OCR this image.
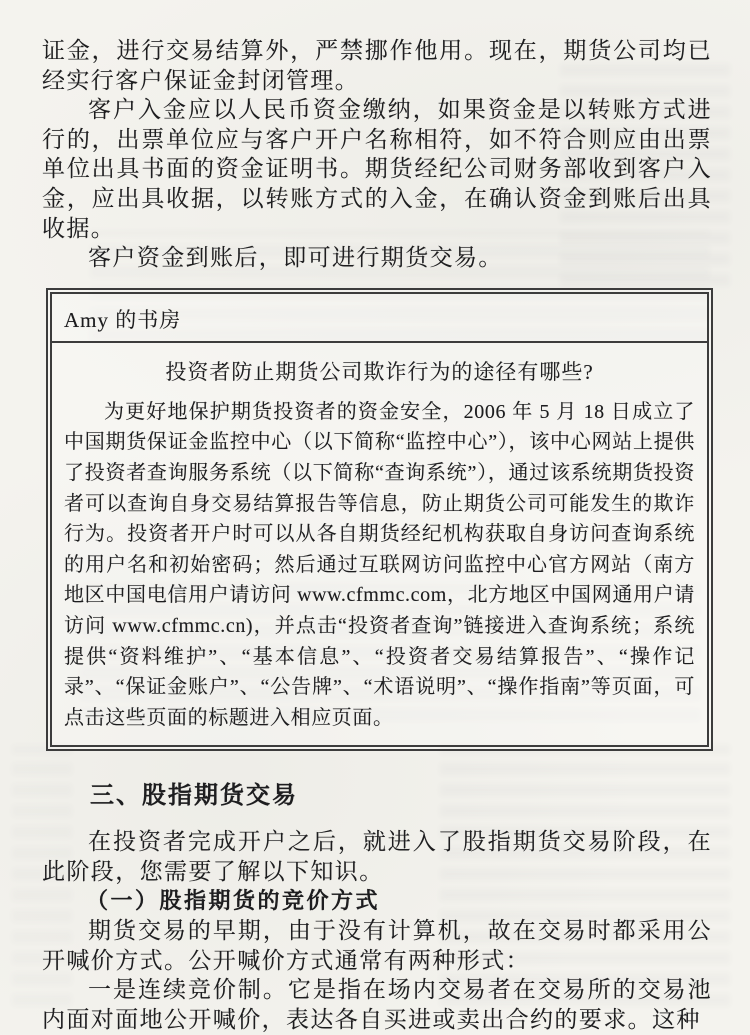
证金，进行交易结算外，严禁挪作他用。现在，期货公司均已经实行客户保证金封闭管理。

客户入金应以人民币资金缴纳，如果资金是以转账方式进行的，出票单位应与客户开户名称相符，如不符合则应由出票单位出具书面的资金证明书。期货经纪公司财务部收到客户入金，应出具收据，以转账方式的入金，在确认资金到账后出具收据。

客户资金到账后，即可进行期货交易。

Amy 的书房
投资者防止期货公司欺诈行为的途径有哪些?

为更好地保护期货投资者的资金安全，2006 年 5 月 18 日成立了中国期货保证金监控中心（以下简称“监控中心”），该中心网站上提供了投资者查询服务系统（以下简称“查询系统”），通过该系统期货投资者可以查询自身交易结算报告等信息，防止期货公司可能发生的欺诈行为。投资者开户时可以从各自期货经纪机构获取自身访问查询系统的用户名和初始密码；然后通过互联网访问监控中心官方网站（南方地区中国电信用户请访问 www.cfmmc.com，北方地区中国网通用户请访问 www.cfmmc.cn)，并点击“投资者查询”链接进入查询系统；系统提供“资料维护”、“基本信息”、“投资者交易结算报告”、“操作记录”、“保证金账户”、“公告牌”、“术语说明”、“操作指南”等页面，可点击这些页面的标题进入相应页面。

三、股指期货交易

在投资者完成开户之后，就进入了股指期货交易阶段，在此阶段，您需要了解以下知识。

（一）股指期货的竞价方式

期货交易的早期，由于没有计算机，故在交易时都采用公开喊价方式。公开喊价方式通常有两种形式：

一是连续竞价制。它是指在场内交易者在交易所的交易池内面对面地公开喊价，表达各自买进或卖出合约的要求。这种
